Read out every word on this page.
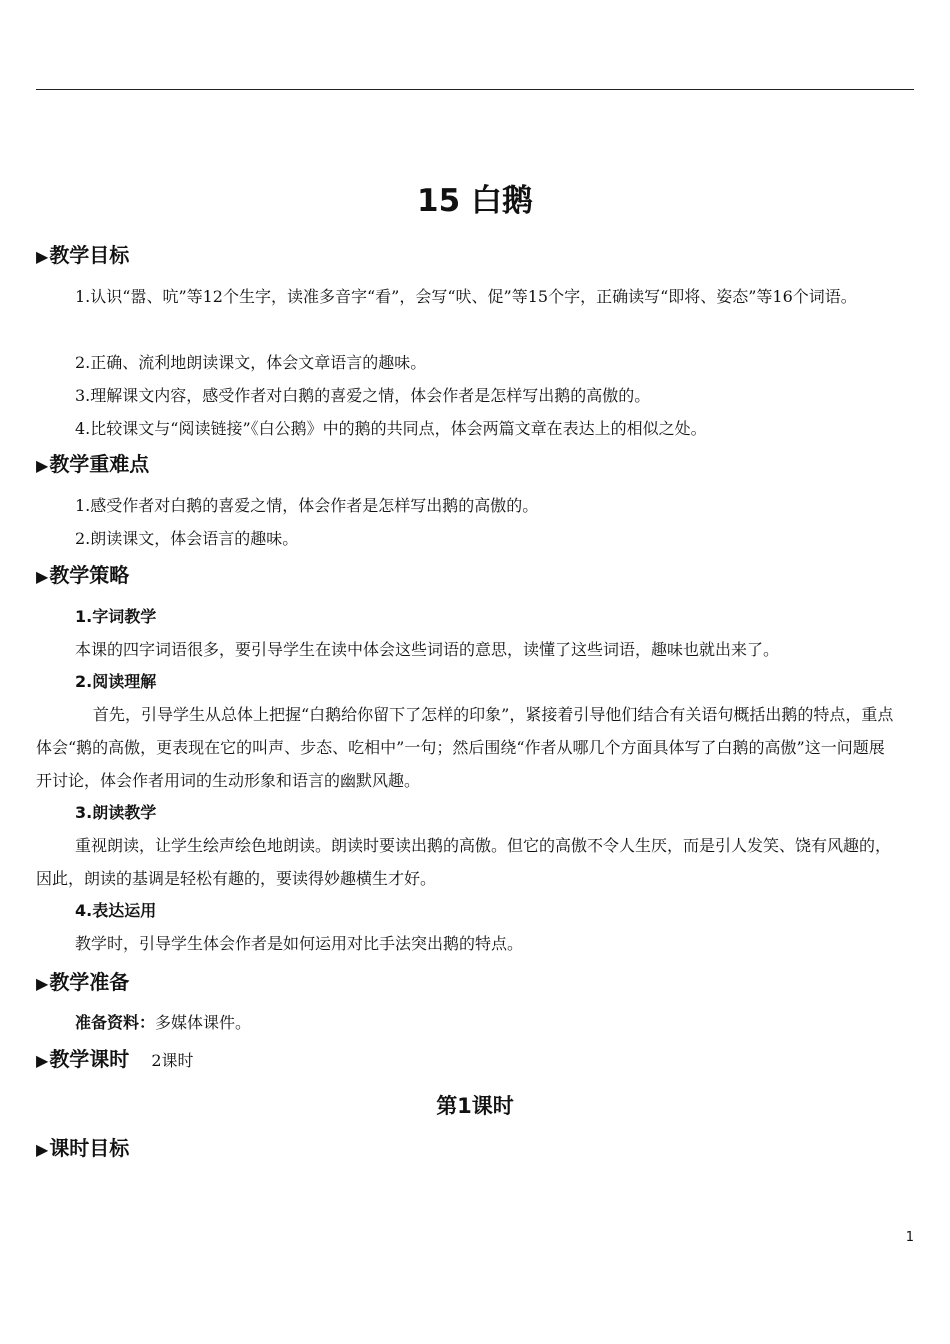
15 白鹅
▶教学目标

1.认识“嚣、吭”等12个生字，读准多音字“看”，会写“吠、促”等15个字，正确读写“即将、姿态”等16个词语。

2.正确、流利地朗读课文，体会文章语言的趣味。

3.理解课文内容，感受作者对白鹅的喜爱之情，体会作者是怎样写出鹅的高傲的。

4.比较课文与“阅读链接”《白公鹅》中的鹅的共同点，体会两篇文章在表达上的相似之处。

▶教学重难点

1.感受作者对白鹅的喜爱之情，体会作者是怎样写出鹅的高傲的。

2.朗读课文，体会语言的趣味。

▶教学策略
1.字词教学

本课的四字词语很多，要引导学生在读中体会这些词语的意思，读懂了这些词语，趣味也就出来了。

2.阅读理解

首先，引导学生从总体上把握“白鹅给你留下了怎样的印象”，紧接着引导他们结合有关语句概括出鹅的特点，重点体会“鹅的高傲，更表现在它的叫声、步态、吃相中”一句；然后围绕“作者从哪几个方面具体写了白鹅的高傲”这一问题展开讨论，体会作者用词的生动形象和语言的幽默风趣。

3.朗读教学

重视朗读，让学生绘声绘色地朗读。朗读时要读出鹅的高傲。但它的高傲不令人生厌，而是引人发笑、饶有风趣的，因此，朗读的基调是轻松有趣的，要读得妙趣横生才好。

4.表达运用

教学时，引导学生体会作者是如何运用对比手法突出鹅的特点。

▶教学准备

准备资料：多媒体课件。

▶教学课时 2课时
第1课时
▶课时目标
1
